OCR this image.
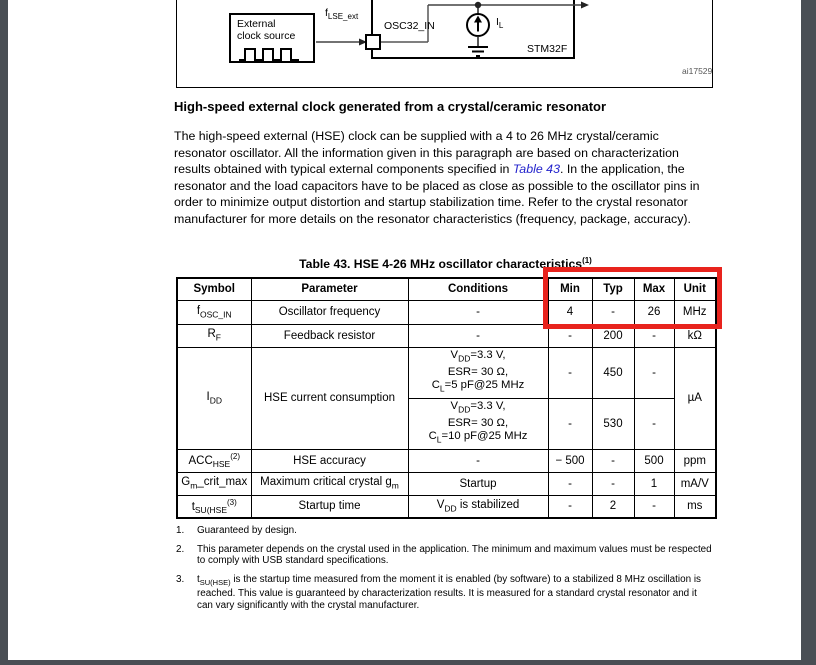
External
clock source
$f_{LSE\_ext}$
OSC32_IN	$I_L$
STM32F
ai17529
High-speed external clock generated from a crystal/ceramic resonator
The high-speed external (HSE) clock can be supplied with a 4 to 26 MHz crystal/ceramic resonator oscillator. All the information given in this paragraph are based on characterization results obtained with typical external components specified in Table 43. In the application, the resonator and the load capacitors have to be placed as close as possible to the oscillator pins in order to minimize output distortion and startup stabilization time. Refer to the crystal resonator manufacturer for more details on the resonator characteristics (frequency, package, accuracy).
Table 43. HSE 4-26 MHz oscillator characteristics$^{(1)}$
Symbol	Parameter	Conditions	Min	Typ	Max	Unit
$f_{OSC\_IN}$	Oscillator frequency	-	4	-	26	MHz
$R_F$	Feedback resistor	-	-	200	-	kΩ
$I_{DD}$	HSE current consumption	$V_{DD}=3.3$ V,
ESR= 30 Ω,
$C_L=5$ pF@25 MHz	-	450	-	µA

		$V_{DD}=3.3$ V,
ESR= 30 Ω,
$C_L=10$ pF@25 MHz	-	530	-	
$ACC_{HSE}^{(2)}$	HSE accuracy	-	− 500	-	500	ppm
$G_m\_crit\_\max$	Maximum critical crystal $g_m$	Startup	-	-	1	mA/V
$t_{SU(HSE}^{(3)}$	Startup time	$V_{DD}$ is stabilized	-	2	-	ms
1.	Guaranteed by design.
2.	This parameter depends on the crystal used in the application. The minimum and maximum values must be respected to comply with USB standard specifications.
3.	$t_{SU(HSE)}$ is the startup time measured from the moment it is enabled (by software) to a stabilized 8 MHz oscillation is reached. This value is guaranteed by characterization results. It is measured for a standard crystal resonator and it can vary significantly with the crystal manufacturer.
